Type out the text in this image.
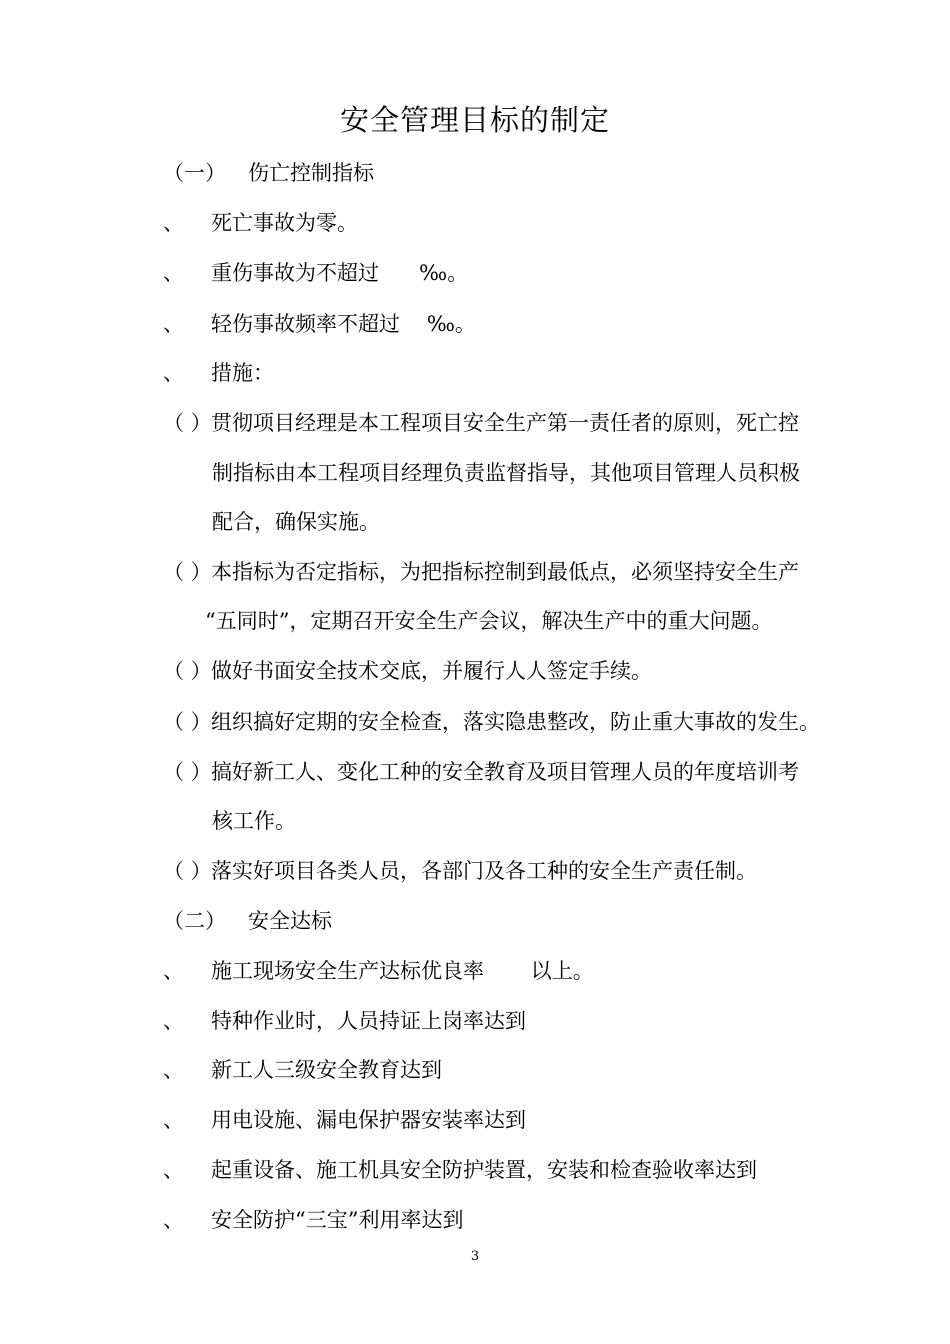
安全管理目标的制定
（一） 伤亡控制指标
、 死亡事故为零。
、 重伤事故为不超过      ‰。
、 轻伤事故频率不超过    ‰。
、 措施：
（ ）贯彻项目经理是本工程项目安全生产第一责任者的原则，死亡控
制指标由本工程项目经理负责监督指导，其他项目管理人员积极
配合，确保实施。
（ ）本指标为否定指标，为把指标控制到最低点，必须坚持安全生产
“五同时”，定期召开安全生产会议，解决生产中的重大问题。
（ ）做好书面安全技术交底，并履行人人签定手续。
（ ）组织搞好定期的安全检查，落实隐患整改，防止重大事故的发生。
（ ）搞好新工人、变化工种的安全教育及项目管理人员的年度培训考
核工作。
（ ）落实好项目各类人员，各部门及各工种的安全生产责任制。
（二） 安全达标
、 施工现场安全生产达标优良率       以上。
、 特种作业时，人员持证上岗率达到
、 新工人三级安全教育达到
、 用电设施、漏电保护器安装率达到
、 起重设备、施工机具安全防护装置，安装和检查验收率达到
、 安全防护“三宝”利用率达到
3
